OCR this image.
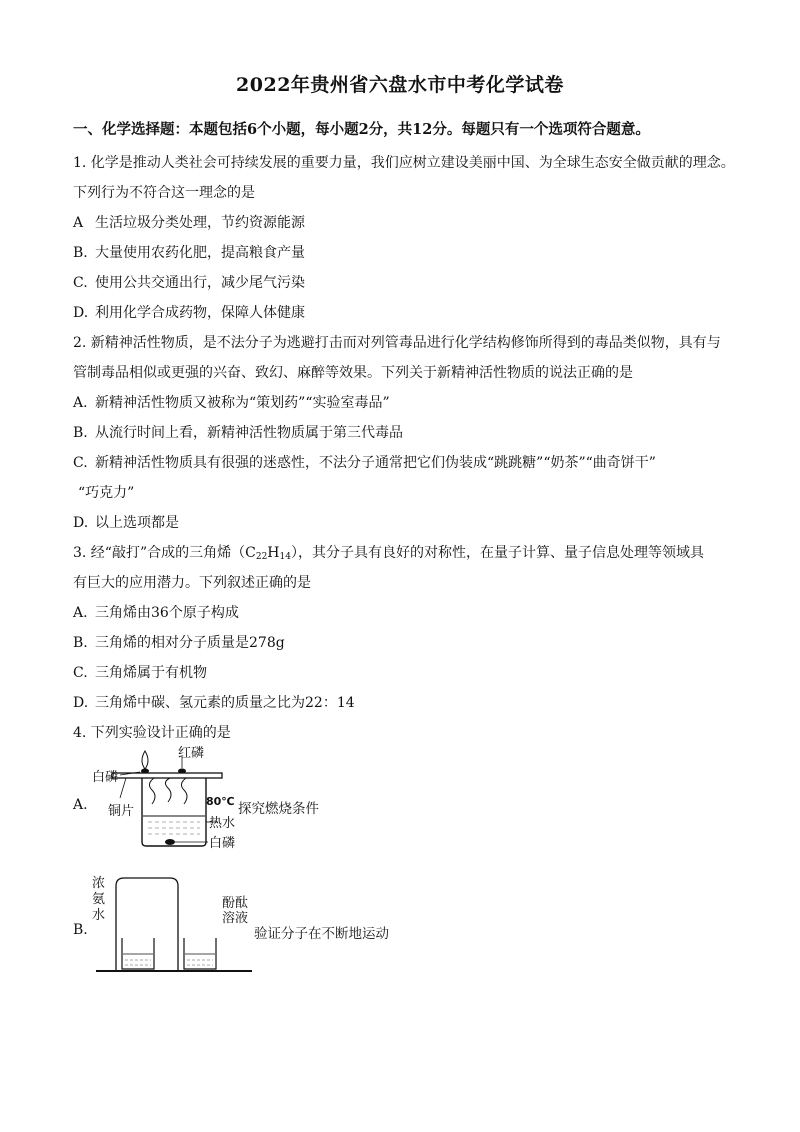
2022年贵州省六盘水市中考化学试卷
一、化学选择题：本题包括6个小题，每小题2分，共12分。每题只有一个选项符合题意。
1. 化学是推动人类社会可持续发展的重要力量，我们应树立建设美丽中国、为全球生态安全做贡献的理念。
下列行为不符合这一理念的是
A 生活垃圾分类处理，节约资源能源
B. 大量使用农药化肥，提高粮食产量
C. 使用公共交通出行，减少尾气污染
D. 利用化学合成药物，保障人体健康
2. 新精神活性物质，是不法分子为逃避打击而对列管毒品进行化学结构修饰所得到的毒品类似物，具有与
管制毒品相似或更强的兴奋、致幻、麻醉等效果。下列关于新精神活性物质的说法正确的是
A. 新精神活性物质又被称为“策划药”“实验室毒品”
B. 从流行时间上看，新精神活性物质属于第三代毒品
C. 新精神活性物质具有很强的迷惑性，不法分子通常把它们伪装成“跳跳糖”“奶茶”“曲奇饼干”
“巧克力”
D. 以上选项都是
3. 经“敲打”合成的三角烯$(C_{22}H_{14})$，其分子具有良好的对称性，在量子计算、量子信息处理等领域具
有巨大的应用潜力。下列叙述正确的是
A. 三角烯由36个原子构成
B. 三角烯的相对分子质量是278g
C. 三角烯属于有机物
D. 三角烯中碳、氢元素的质量之比为22：14
4. 下列实验设计正确的是
A.
红磷
白磷
铜片
80℃
热水
白磷
探究燃烧条件
B.
浓氨水
酚酞溶液
验证分子在不断地运动
